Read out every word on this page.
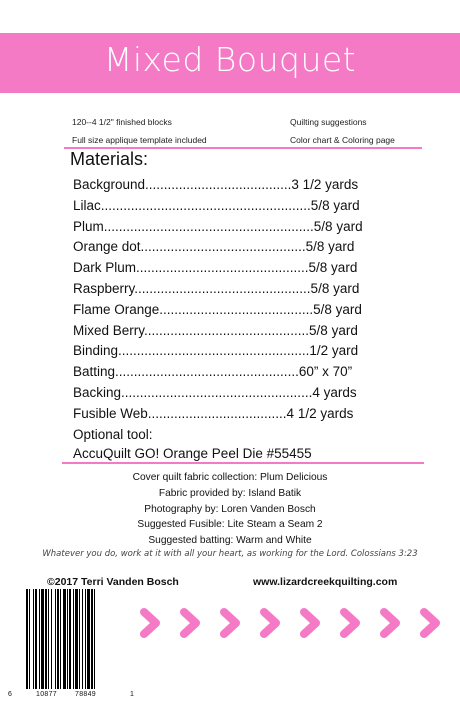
Mixed Bouquet
120--4 1/2" finished blocks
Full size applique template included
Quilting suggestions
Color chart & Coloring page
Materials:
Background.......................................3 1/2 yards
Lilac........................................................5/8 yard
Plum........................................................5/8 yard
Orange dot............................................5/8 yard
Dark Plum..............................................5/8 yard
Raspberry...............................................5/8 yard
Flame Orange.........................................5/8 yard
Mixed Berry............................................5/8 yard
Binding...................................................1/2 yard
Batting.................................................60” x 70”
Backing...................................................4 yards
Fusible Web.....................................4 1/2 yards
Optional tool:
AccuQuilt GO! Orange Peel Die #55455
Cover quilt fabric collection: Plum Delicious
Fabric provided by: Island Batik
Photography by: Loren Vanden Bosch
Suggested Fusible: Lite Steam a Seam 2
Suggested batting: Warm and White
Whatever you do, work at it with all your heart, as working for the Lord. Colossians 3:23
©2017 Terri Vanden Bosch	www.lizardcreekquilting.com
6	10877	78849	1
